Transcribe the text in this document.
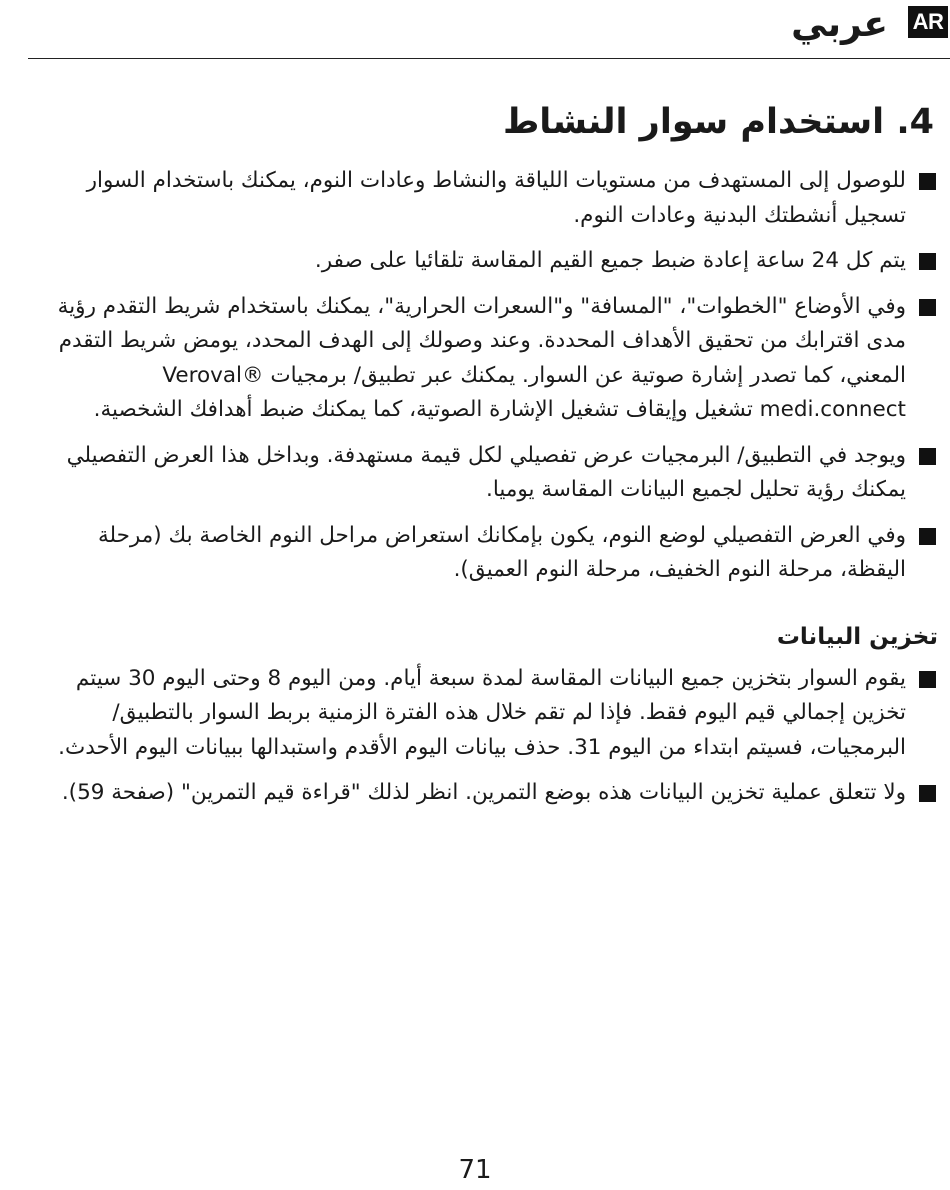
AR
عربي
4. استخدام سوار النشاط
للوصول إلى المستهدف من مستويات اللياقة والنشاط وعادات النوم، يمكنك باستخدام السوار تسجيل أنشطتك البدنية وعادات النوم.
يتم كل 24 ساعة إعادة ضبط جميع القيم المقاسة تلقائيا على صفر.
وفي الأوضاع "الخطوات"، "المسافة" و"السعرات الحرارية"، يمكنك باستخدام شريط التقدم رؤية مدى اقترابك من تحقيق الأهداف المحددة. وعند وصولك إلى الهدف المحدد، يومض شريط التقدم المعني، كما تصدر إشارة صوتية عن السوار. يمكنك عبر تطبيق/ برمجيات Veroval® medi.connect تشغيل وإيقاف تشغيل الإشارة الصوتية، كما يمكنك ضبط أهدافك الشخصية.
ويوجد في التطبيق/ البرمجيات عرض تفصيلي لكل قيمة مستهدفة. وبداخل هذا العرض التفصيلي يمكنك رؤية تحليل لجميع البيانات المقاسة يوميا.
وفي العرض التفصيلي لوضع النوم، يكون بإمكانك استعراض مراحل النوم الخاصة بك (مرحلة اليقظة، مرحلة النوم الخفيف، مرحلة النوم العميق).
تخزين البيانات
يقوم السوار بتخزين جميع البيانات المقاسة لمدة سبعة أيام. ومن اليوم 8 وحتى اليوم 30 سيتم تخزين إجمالي قيم اليوم فقط. فإذا لم تقم خلال هذه الفترة الزمنية بربط السوار بالتطبيق/ البرمجيات، فسيتم ابتداء من اليوم 31. حذف بيانات اليوم الأقدم واستبدالها ببيانات اليوم الأحدث.
ولا تتعلق عملية تخزين البيانات هذه بوضع التمرين. انظر لذلك "قراءة قيم التمرين" (صفحة 59).
71
